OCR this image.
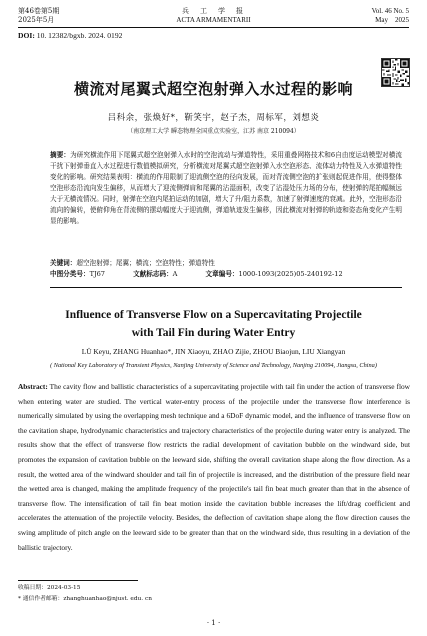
第46卷第5期
2025年5月
兵　工　学　报
ACTA ARMAMENTARII
Vol. 46 No. 5
May    2025
DOI: 10. 12382/bgxb. 2024. 0192
横流对尾翼式超空泡射弹入水过程的影响
吕科余，张焕好*，靳笑宇，赵子杰，周标军，刘想炎
（南京理工大学 瞬态物理全国重点实验室，江苏 南京 210094）
摘要：为研究横流作用下尾翼式超空泡射弹入水时的空泡流动与弹道特性，采用重叠网格技术和6自由度运动模型对横流干扰下射弹垂直入水过程进行数值模拟研究，分析横流对尾翼式超空泡射弹入水空泡形态、流体动力特性及入水弹道特性变化的影响。研究结果表明：横流的作用限制了迎流侧空泡的径向发展，而对背流侧空泡的扩张则起促进作用，使得整体空泡形态沿流向发生偏移，从而增大了迎流侧弹肩和尾翼的沾湿面积，改变了沾湿处压力场的分布，使射弹的尾拍幅频远大于无横流情况。同时，射弹在空泡内尾拍运动的加剧，增大了升/阻力系数，加速了射弹速度的衰减。此外，空泡形态沿流向的偏转，使俯仰角在背流侧的摆动幅度大于迎流侧，弹道轨迹发生偏移，因此横流对射弹的轨迹和姿态角变化产生明显的影响。
关键词：超空泡射弹；尾翼；横流；空泡特性；弹道特性
中图分类号：TJ67	文献标志码：A	文章编号：1000-1093(2025)05-240192-12
Influence of Transverse Flow on a Supercavitating Projectile with Tail Fin during Water Entry
LÜ Keyu, ZHANG Huanhao*, JIN Xiaoyu, ZHAO Zijie, ZHOU Biaojun, LIU Xiangyan
( National Key Laboratory of Transient Physics, Nanjing University of Science and Technology, Nanjing 210094, Jiangsu, China)
Abstract: The cavity flow and ballistic characteristics of a supercavitating projectile with tail fin under the action of transverse flow when entering water are studied. The vertical water-entry process of the projectile under the transverse flow interference is numerically simulated by using the overlapping mesh technique and a 6DoF dynamic model, and the influence of transverse flow on the cavitation shape, hydrodynamic characteristics and trajectory characteristics of the projectile during water entry is analyzed. The results show that the effect of transverse flow restricts the radial development of cavitation bubble on the windward side, but promotes the expansion of cavitation bubble on the leeward side, shifting the overall cavitation shape along the flow direction. As a result, the wetted area of the windward shoulder and tail fin of projectile is increased, and the distribution of the pressure field near the wetted area is changed, making the amplitude frequency of the projectile's tail fin beat much greater than that in the absence of transverse flow. The intensification of tail fin beat motion inside the cavitation bubble increases the lift/drag coefficient and accelerates the attenuation of the projectile velocity. Besides, the deflection of cavitation shape along the flow direction causes the swing amplitude of pitch angle on the leeward side to be greater than that on the windward side, thus resulting in a deviation of the ballistic trajectory.
收稿日期：2024-03-15
* 通信作者邮箱：zhanghuanhao@njust. edu. cn
· 1 ·
